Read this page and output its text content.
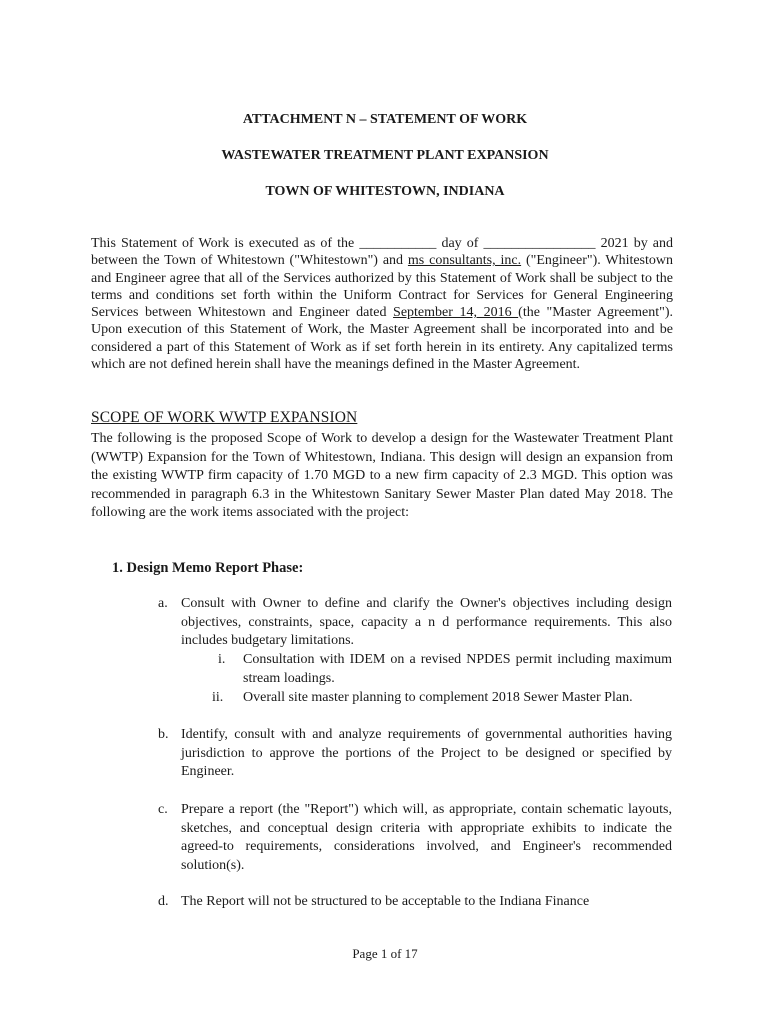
ATTACHMENT N – STATEMENT OF WORK
WASTEWATER TREATMENT PLANT EXPANSION
TOWN OF WHITESTOWN, INDIANA

This Statement of Work is executed as of the ___________ day of ________________ 2021 by and between the Town of Whitestown ("Whitestown") and ms consultants, inc. ("Engineer"). Whitestown and Engineer agree that all of the Services authorized by this Statement of Work shall be subject to the terms and conditions set forth within the Uniform Contract for Services for General Engineering Services between Whitestown and Engineer dated September 14, 2016 (the "Master Agreement"). Upon execution of this Statement of Work, the Master Agreement shall be incorporated into and be considered a part of this Statement of Work as if set forth herein in its entirety. Any capitalized terms which are not defined herein shall have the meanings defined in the Master Agreement.

SCOPE OF WORK WWTP EXPANSION

The following is the proposed Scope of Work to develop a design for the Wastewater Treatment Plant (WWTP) Expansion for the Town of Whitestown, Indiana. This design will design an expansion from the existing WWTP firm capacity of 1.70 MGD to a new firm capacity of 2.3 MGD. This option was recommended in paragraph 6.3 in the Whitestown Sanitary Sewer Master Plan dated May 2018. The following are the work items associated with the project:

1. Design Memo Report Phase:
a. Consult with Owner to define and clarify the Owner's objectives including design objectives, constraints, space, capacity a n d performance requirements. This also includes budgetary limitations.
i. Consultation with IDEM on a revised NPDES permit including maximum stream loadings.
ii. Overall site master planning to complement 2018 Sewer Master Plan.
b. Identify, consult with and analyze requirements of governmental authorities having jurisdiction to approve the portions of the Project to be designed or specified by Engineer.
c. Prepare a report (the "Report") which will, as appropriate, contain schematic layouts, sketches, and conceptual design criteria with appropriate exhibits to indicate the agreed-to requirements, considerations involved, and Engineer's recommended solution(s).
d. The Report will not be structured to be acceptable to the Indiana Finance
Page 1 of 17
